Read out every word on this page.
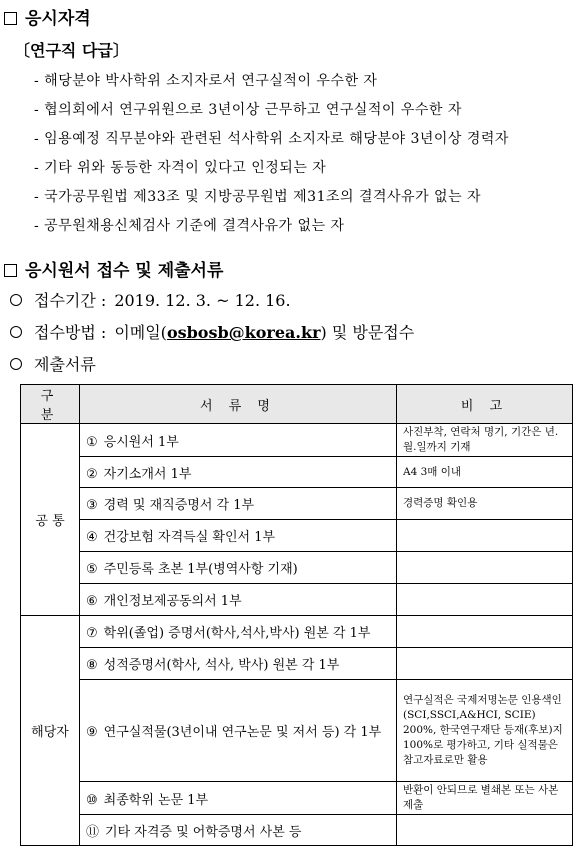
응시자격
〔연구직 다급〕
- 해당분야 박사학위 소지자로서 연구실적이 우수한 자
- 협의회에서 연구위원으로 3년이상 근무하고 연구실적이 우수한 자
- 임용예정 직무분야와 관련된 석사학위 소지자로 해당분야 3년이상 경력자
- 기타 위와 동등한 자격이 있다고 인정되는 자
- 국가공무원법 제33조 및 지방공무원법 제31조의 결격사유가 없는 자
- 공무원채용신체검사 기준에 결격사유가 없는 자
응시원서 접수 및 제출서류
접수기간 : 2019. 12. 3. ~ 12. 16.
접수방법 : 이메일(osbosb@korea.kr) 및 방문접수
제출서류
구 분	서 류 명	비 고
공 통	① 응시원서 1부	사진부착, 연락처 명기, 기간은 년.월.일까지 기재
	② 자기소개서 1부	A4 3매 이내
	③ 경력 및 재직증명서 각 1부	경력증명 확인용
	④ 건강보험 자격득실 확인서 1부	
	⑤ 주민등록 초본 1부(병역사항 기재)	
	⑥ 개인정보제공동의서 1부	
해당자	⑦ 학위(졸업) 증명서(학사,석사,박사) 원본 각 1부	
	⑧ 성적증명서(학사, 석사, 박사) 원본 각 1부	
	⑨ 연구실적물(3년이내 연구논문 및 저서 등) 각 1부	연구실적은 국제저명논문 인용색인(SCI,SSCI,A&HCI, SCIE) 200%, 한국연구재단 등재(후보)지 100%로 평가하고, 기타 실적물은 참고자료로만 활용
	⑩ 최종학위 논문 1부	반환이 안되므로 별쇄본 또는 사본 제출
	⑪ 기타 자격증 및 어학증명서 사본 등	
